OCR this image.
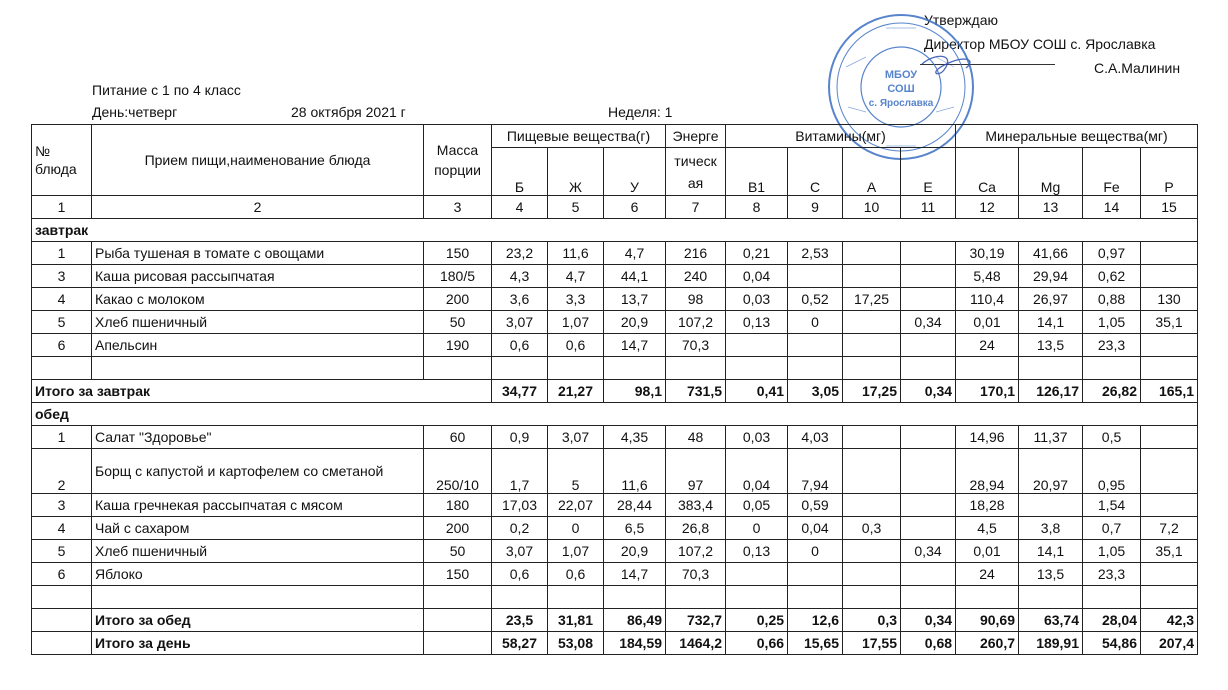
Утверждаю
Директор МБОУ СОШ с. Ярославка
С.А.Малинин
МБОУ
СОШ
с. Ярославка
Питание с 1 по 4 класс
День:четверг	28 октября 2021 г	Неделя: 1
№ блюда	Прием пищи,наименование блюда	Масса порции	Пищевые вещества(г)			Энерге	Витамины(мг)				Минеральные вещества(мг)			
			Б	Ж	У	тическ ая	B1	C	A	E	Ca	Mg	Fe	P
1	2	3	4	5	6	7	8	9	10	11	12	13	14	15
завтрак														
1	Рыба тушеная в томате с овощами	150	23,2	11,6	4,7	216	0,21	2,53			30,19	41,66	0,97	
3	Каша рисовая рассыпчатая	180/5	4,3	4,7	44,1	240	0,04				5,48	29,94	0,62	
4	Какао с молоком	200	3,6	3,3	13,7	98	0,03	0,52	17,25		110,4	26,97	0,88	130
5	Хлеб пшеничный	50	3,07	1,07	20,9	107,2	0,13	0		0,34	0,01	14,1	1,05	35,1
6	Апельсин	190	0,6	0,6	14,7	70,3					24	13,5	23,3	

Итого за завтрак			34,77	21,27	98,1	731,5	0,41	3,05	17,25	0,34	170,1	126,17	26,82	165,1
обед														
1	Салат "Здоровье"	60	0,9	3,07	4,35	48	0,03	4,03			14,96	11,37	0,5	
2	Борщ с капустой и картофелем со сметаной	250/10	1,7	5	11,6	97	0,04	7,94			28,94	20,97	0,95	
3	Каша гречнекая рассыпчатая с мясом	180	17,03	22,07	28,44	383,4	0,05	0,59			18,28		1,54	
4	Чай с сахаром	200	0,2	0	6,5	26,8	0	0,04	0,3		4,5	3,8	0,7	7,2
5	Хлеб пшеничный	50	3,07	1,07	20,9	107,2	0,13	0		0,34	0,01	14,1	1,05	35,1
6	Яблоко	150	0,6	0,6	14,7	70,3					24	13,5	23,3	

	Итого за обед		23,5	31,81	86,49	732,7	0,25	12,6	0,3	0,34	90,69	63,74	28,04	42,3
	Итого за день		58,27	53,08	184,59	1464,2	0,66	15,65	17,55	0,68	260,7	189,91	54,86	207,4
